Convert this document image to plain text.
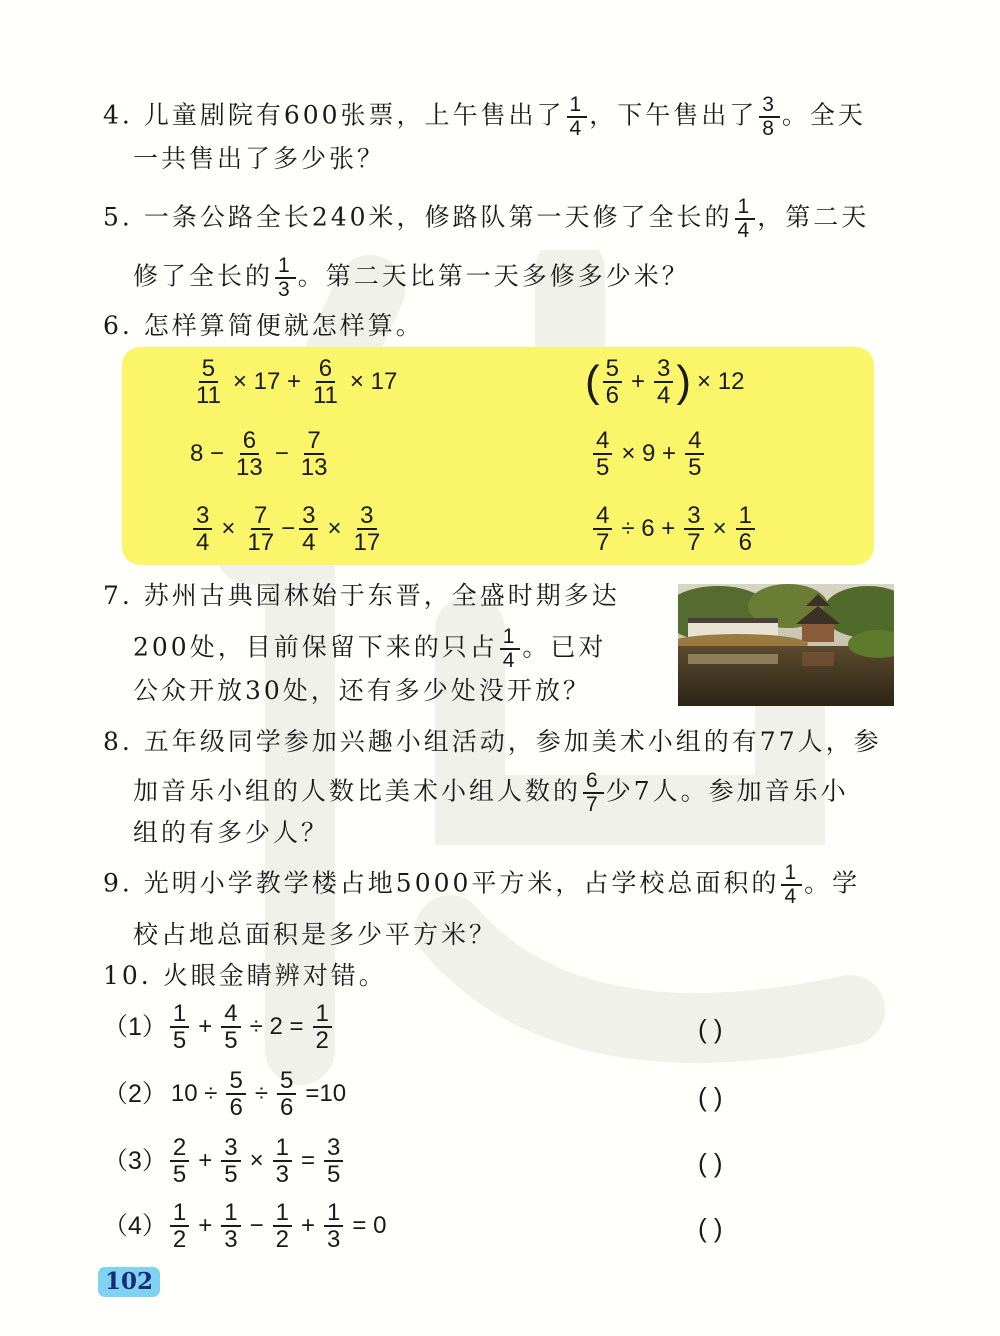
4. 儿童剧院有600张票，上午售出了 $\frac{1}{4}$ ，下午售出了 $\frac{3}{8}$ 。全天
一共售出了多少张？
5. 一条公路全长240米，修路队第一天修了全长的 $\frac{1}{4}$ ，第二天
修了全长的 $\frac{1}{3}$ 。第二天比第一天多修多少米？
6. 怎样算简便就怎样算。
$\frac{5}{11} \times 17 + \frac{6}{11} \times 17$	( $\frac{5}{6} + \frac{3}{4}$ ) × 12
$8 - \frac{6}{13} - \frac{7}{13}$	$\frac{4}{5} \times 9 + \frac{4}{5}$
$\frac{3}{4} \times \frac{7}{17} - \frac{3}{4} \times \frac{3}{17}$	$\frac{4}{7} \div 6 + \frac{3}{7} \times \frac{1}{6}$
7. 苏州古典园林始于东晋，全盛时期多达
200处，目前保留下来的只占 $\frac{1}{4}$ 。已对
公众开放30处，还有多少处没开放？
8. 五年级同学参加兴趣小组活动，参加美术小组的有77人，参
加音乐小组的人数比美术小组人数的 $\frac{6}{7}$ 少7人。参加音乐小
组的有多少人？
9. 光明小学教学楼占地5000平方米，占学校总面积的 $\frac{1}{4}$ 。学
校占地总面积是多少平方米？
10. 火眼金睛辨对错。
$(1) \frac{1}{5} + \frac{4}{5} \div 2 = \frac{1}{2}$	( )
（2） $10 \div \frac{5}{6} \div \frac{5}{6} =10$	( )
$(3) \frac{2}{5} + \frac{3}{5} \times \frac{1}{3} = \frac{3}{5}$	( )
$(4) \frac{1}{2} + \frac{1}{3} - \frac{1}{2} + \frac{1}{3} = 0$	( )
102
